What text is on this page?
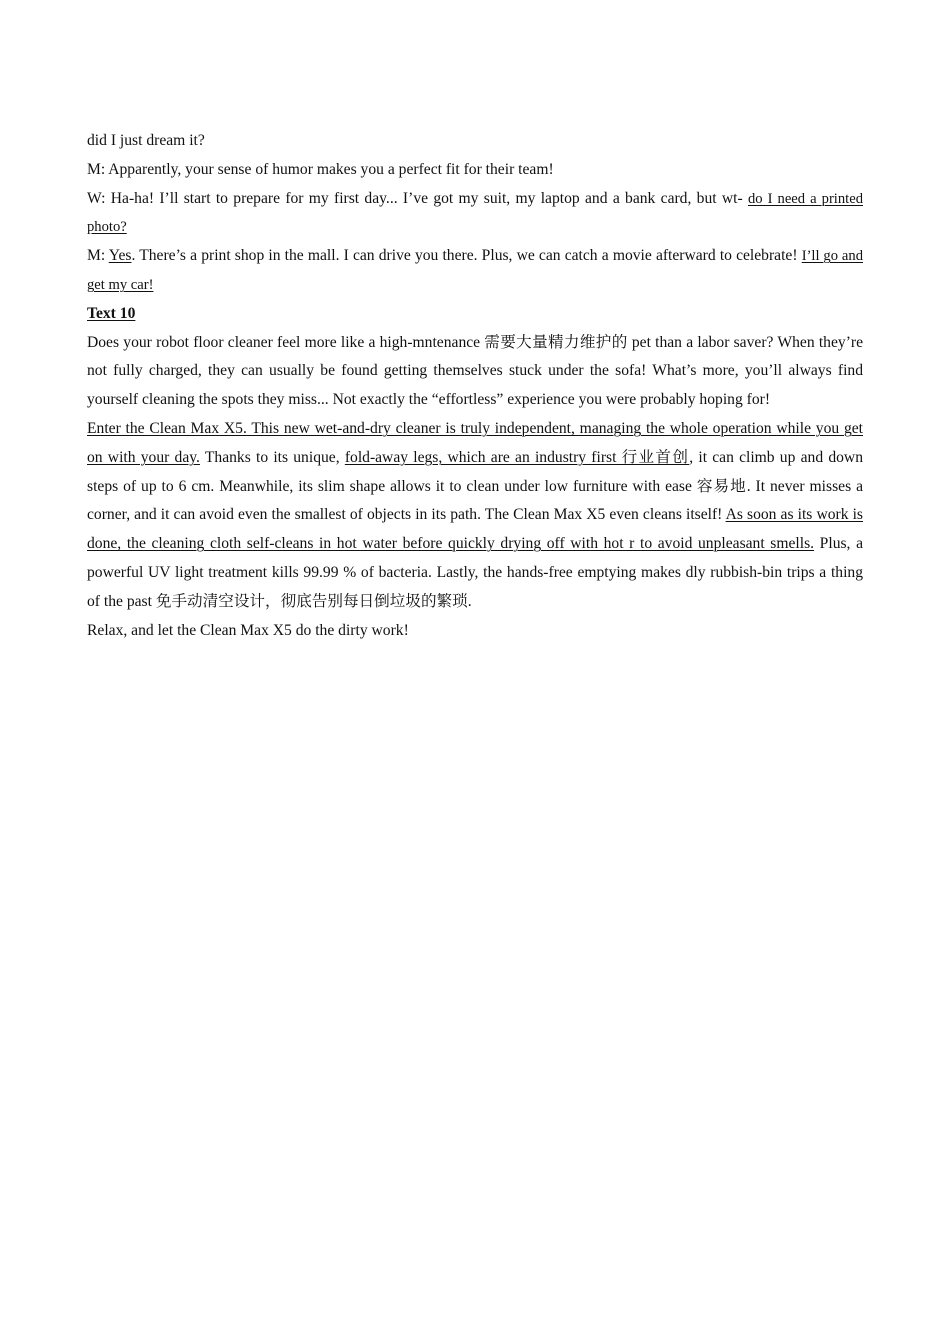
did I just dream it?

M: Apparently, your sense of humor makes you a perfect fit for their team!

W: Ha-ha! I’ll start to prepare for my first day... I’ve got my suit, my laptop and a bank card, but wt- do I need a printed photo?

M: Yes. There’s a print shop in the mall. I can drive you there. Plus, we can catch a movie afterward to celebrate! I’ll go and get my car!

Text 10

Does your robot floor cleaner feel more like a high-mntenance 需要大量精力维护的 pet than a labor saver? When they’re not fully charged, they can usually be found getting themselves stuck under the sofa! What’s more, you’ll always find yourself cleaning the spots they miss... Not exactly the “effortless” experience you were probably hoping for!

Enter the Clean Max X5. This new wet-and-dry cleaner is truly independent, managing the whole operation while you get on with your day. Thanks to its unique, fold-away legs, which are an industry first 行业首创, it can climb up and down steps of up to 6 cm. Meanwhile, its slim shape allows it to clean under low furniture with ease 容易地. It never misses a corner, and it can avoid even the smallest of objects in its path. The Clean Max X5 even cleans itself! As soon as its work is done, the cleaning cloth self-cleans in hot water before quickly drying off with hot r to avoid unpleasant smells. Plus, a powerful UV light treatment kills 99.99 % of bacteria. Lastly, the hands-free emptying makes dly rubbish-bin trips a thing of the past 免手动清空设计，彻底告别每日倒垃圾的繁琐.

Relax, and let the Clean Max X5 do the dirty work!
